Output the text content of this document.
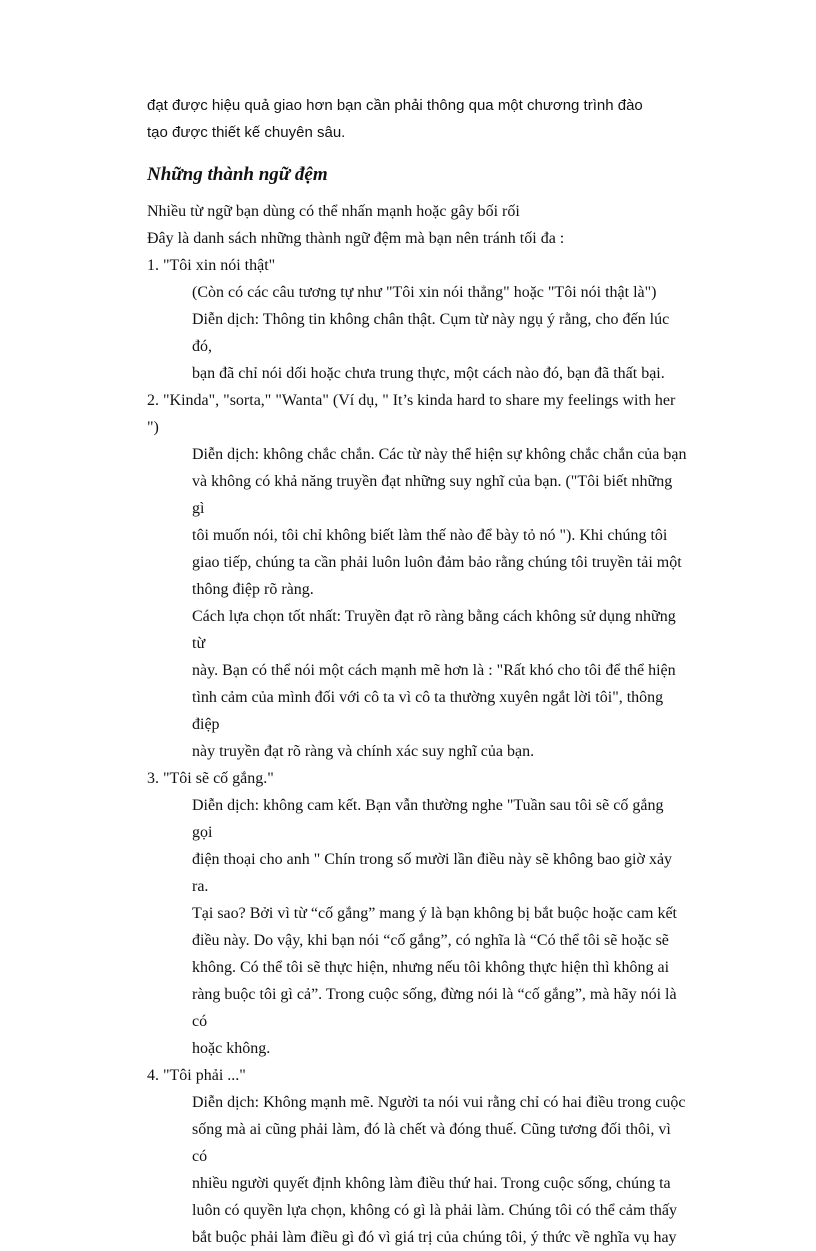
đạt được hiệu quả giao hơn bạn cần phải thông qua một chương trình đào
tạo được thiết kế chuyên sâu.
Những thành ngữ đệm

Nhiều từ ngữ bạn dùng có thể nhấn mạnh hoặc gây bối rối

Đây là danh sách những thành ngữ đệm mà bạn nên tránh tối đa :

1. "Tôi xin nói thật"

(Còn có các câu tương tự như "Tôi xin nói thẳng" hoặc "Tôi nói thật là")

Diễn dịch: Thông tin không chân thật. Cụm từ này ngụ ý rằng, cho đến lúc đó,

bạn đã chỉ nói dối hoặc chưa trung thực, một cách nào đó, bạn đã thất bại.

2. "Kinda", "sorta," "Wanta" (Ví dụ, " It’s kinda hard to share my feelings with her ")

Diễn dịch: không chắc chắn. Các từ này thể hiện sự không chắc chắn của bạn

và không có khả năng truyền đạt những suy nghĩ của bạn. ("Tôi biết những gì

tôi muốn nói, tôi chỉ không biết làm thế nào để bày tỏ nó "). Khi chúng tôi

giao tiếp, chúng ta cần phải luôn luôn đảm bảo rằng chúng tôi truyền tải một

thông điệp rõ ràng.

Cách lựa chọn tốt nhất: Truyền đạt rõ ràng bằng cách không sử dụng những từ

này. Bạn có thể nói một cách mạnh mẽ hơn là : "Rất khó cho tôi để thể hiện

tình cảm của mình đối với cô ta vì cô ta thường xuyên ngắt lời tôi", thông điệp

này truyền đạt rõ ràng và chính xác suy nghĩ của bạn.

3. "Tôi sẽ cố gắng."

Diễn dịch: không cam kết. Bạn vẫn thường nghe "Tuần sau tôi sẽ cố gắng gọi

điện thoại cho anh " Chín trong số mười lần điều này sẽ không bao giờ xảy ra.

Tại sao? Bởi vì từ “cố gắng” mang ý là bạn không bị bắt buộc hoặc cam kết

điều này. Do vậy, khi bạn nói “cố gắng”, có nghĩa là “Có thể tôi sẽ hoặc sẽ

không. Có thể tôi sẽ thực hiện, nhưng nếu tôi không thực hiện thì không ai

ràng buộc tôi gì cả”. Trong cuộc sống, đừng nói là “cố gắng”, mà hãy nói là có

hoặc không.

4. "Tôi phải ..."

Diễn dịch: Không mạnh mẽ. Người ta nói vui rằng chỉ có hai điều trong cuộc

sống mà ai cũng phải làm, đó là chết và đóng thuế. Cũng tương đối thôi, vì có

nhiều người quyết định không làm điều thứ hai. Trong cuộc sống, chúng ta

luôn có quyền lựa chọn, không có gì là phải làm. Chúng tôi có thể cảm thấy

bắt buộc phải làm điều gì đó vì giá trị của chúng tôi, ý thức về nghĩa vụ hay
